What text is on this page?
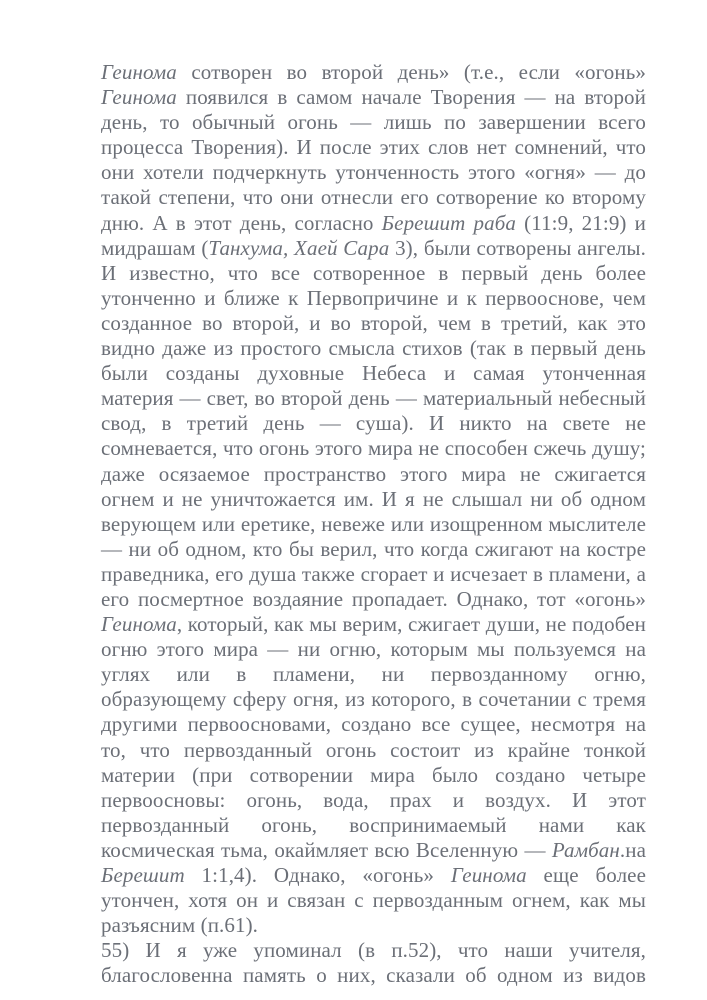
Геинома сотворен во второй день» (т.е., если «огонь» Геинома появился в самом начале Творения — на второй день, то обычный огонь — лишь по завершении всего процесса Творения). И после этих слов нет сомнений, что они хотели подчеркнуть утонченность этого «огня» — до такой степени, что они отнесли его сотворение ко второму дню. А в этот день, согласно Берешит раба (11:9, 21:9) и мидрашам (Танхума, Хаей Сара 3), были сотворены ангелы. И известно, что все сотворенное в первый день более утонченно и ближе к Первопричине и к первооснове, чем созданное во второй, и во второй, чем в третий, как это видно даже из простого смысла стихов (так в первый день были созданы духовные Небеса и самая утонченная материя — свет, во второй день — материальный небесный свод, в третий день — суша). И никто на свете не сомневается, что огонь этого мира не способен сжечь душу; даже осязаемое пространство этого мира не сжигается огнем и не уничтожается им. И я не слышал ни об одном верующем или еретике, невеже или изощренном мыслителе — ни об одном, кто бы верил, что когда сжигают на костре праведника, его душа также сгорает и исчезает в пламени, а его посмертное воздаяние пропадает. Однако, тот «огонь» Геинома, который, как мы верим, сжигает души, не подобен огню этого мира — ни огню, которым мы пользуемся на углях или в пламени, ни первозданному огню, образующему сферу огня, из которого, в сочетании с тремя другими первоосновами, создано все сущее, несмотря на то, что первозданный огонь состоит из крайне тонкой материи (при сотворении мира было создано четыре первоосновы: огонь, вода, прах и воздух. И этот первозданный огонь, воспринимаемый нами как космическая тьма, окаймляет всю Вселенную — Рамбан.на Берешит 1:1,4). Однако, «огонь» Геинома еще более утончен, хотя он и связан с первозданным огнем, как мы разъясним (п.61).

55) И я уже упоминал (в п.52), что наши учителя, благословенна память о них, сказали об одном из видов
